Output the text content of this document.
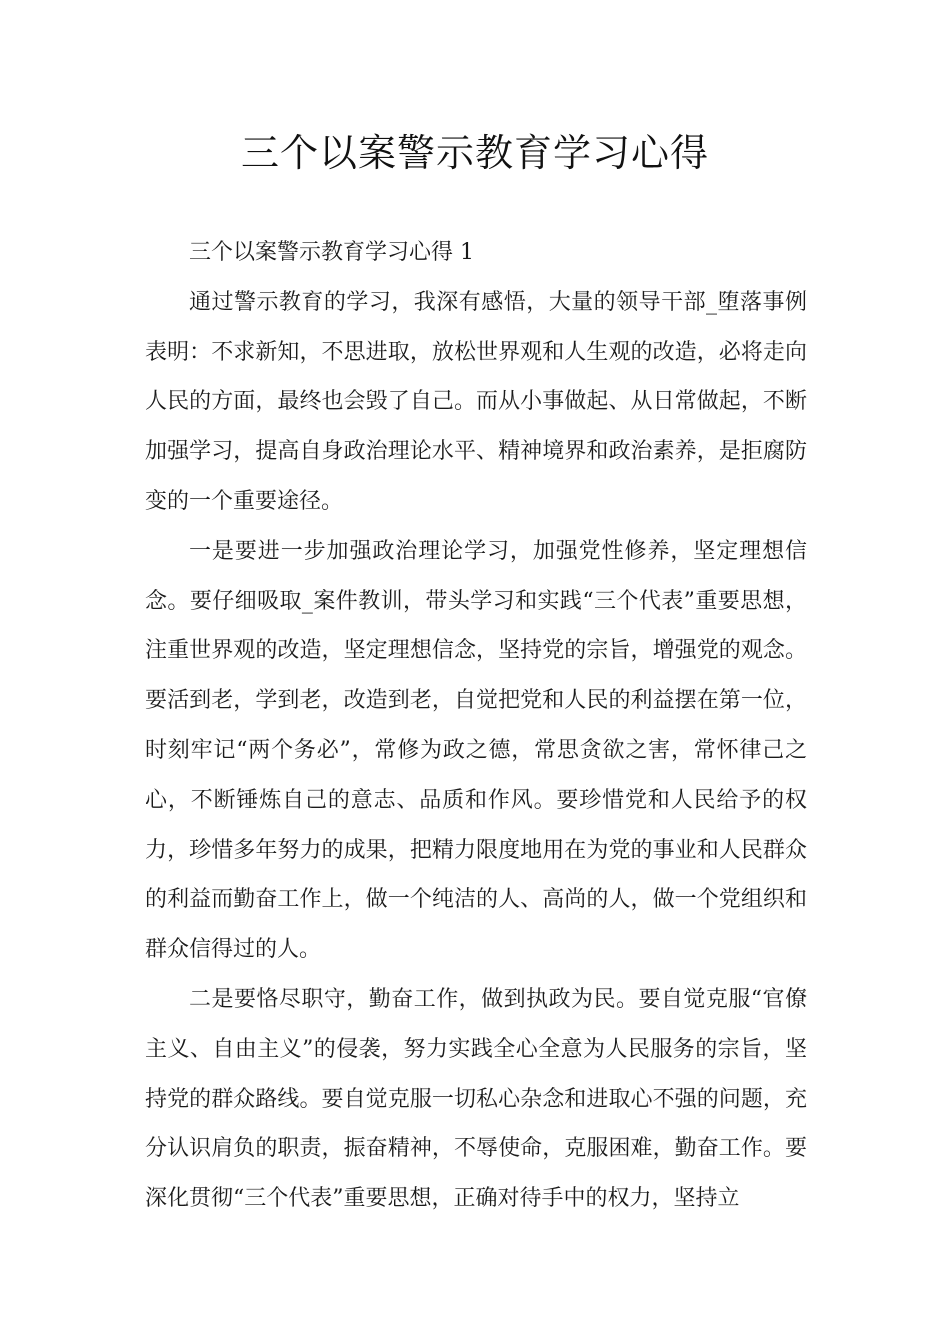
三个以案警示教育学习心得

三个以案警示教育学习心得 1

通过警示教育的学习，我深有感悟，大量的领导干部_堕落事例表明：不求新知，不思进取，放松世界观和人生观的改造，必将走向人民的方面，最终也会毁了自己。而从小事做起、从日常做起，不断加强学习，提高自身政治理论水平、精神境界和政治素养，是拒腐防变的一个重要途径。

一是要进一步加强政治理论学习，加强党性修养，坚定理想信念。要仔细吸取_案件教训，带头学习和实践“三个代表”重要思想，注重世界观的改造，坚定理想信念，坚持党的宗旨，增强党的观念。要活到老，学到老，改造到老，自觉把党和人民的利益摆在第一位，时刻牢记“两个务必”，常修为政之德，常思贪欲之害，常怀律己之心，不断锤炼自己的意志、品质和作风。要珍惜党和人民给予的权力，珍惜多年努力的成果，把精力限度地用在为党的事业和人民群众的利益而勤奋工作上，做一个纯洁的人、高尚的人，做一个党组织和群众信得过的人。

二是要恪尽职守，勤奋工作，做到执政为民。要自觉克服“官僚主义、自由主义”的侵袭，努力实践全心全意为人民服务的宗旨，坚持党的群众路线。要自觉克服一切私心杂念和进取心不强的问题，充分认识肩负的职责，振奋精神，不辱使命，克服困难，勤奋工作。要深化贯彻“三个代表”重要思想，正确对待手中的权力，坚持立
